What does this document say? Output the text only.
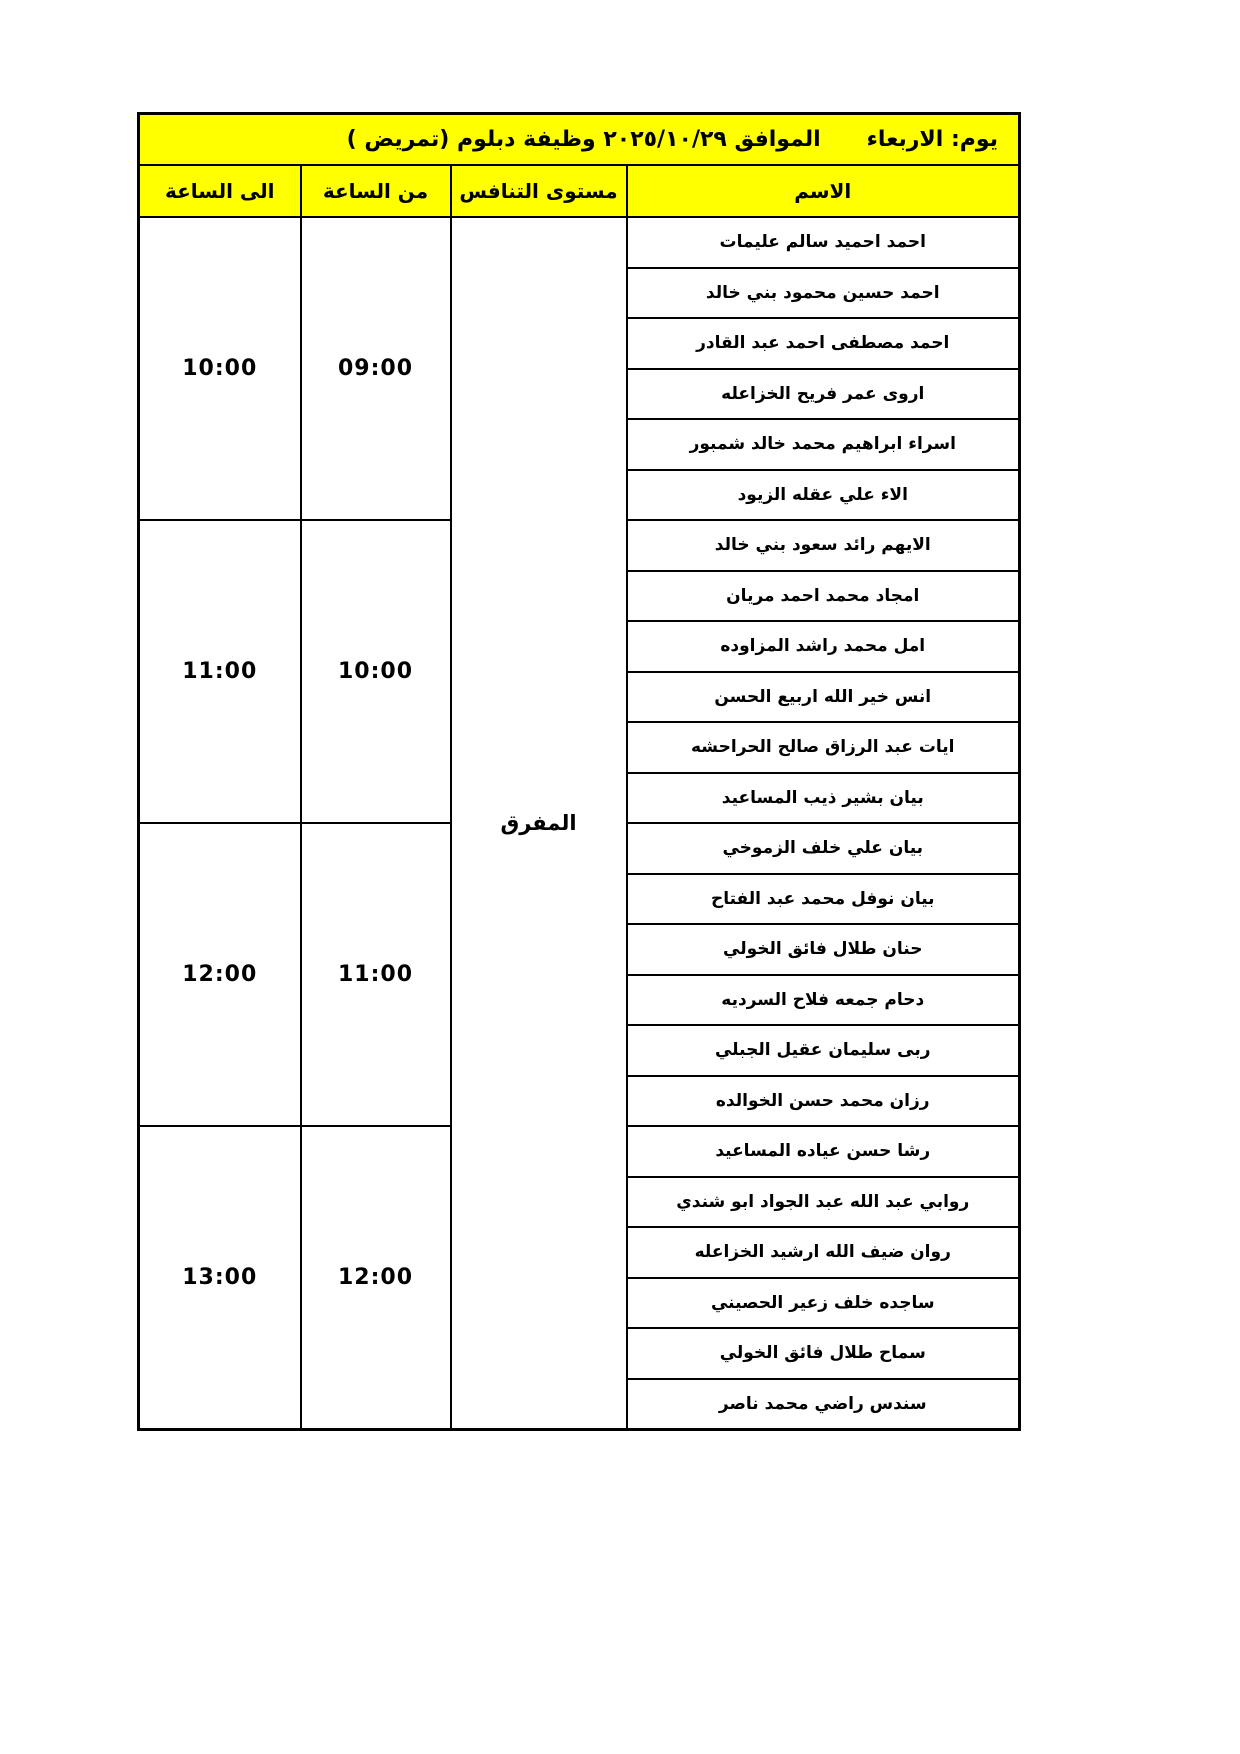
يوم: الاربعاء      الموافق ٢٠٢٥/١٠/٢٩ وظيفة دبلوم (تمريض )			
الاسم	مستوى التنافس	من الساعة	الى الساعة
احمد احميد سالم عليمات	المفرق	09:00	10:00
احمد حسين محمود بني خالد			
احمد مصطفى احمد عبد القادر			
اروى عمر فريح الخزاعله			
اسراء ابراهيم محمد خالد شمبور			
الاء علي عقله الزيود			
الايهم رائد سعود بني خالد		10:00	11:00
امجاد محمد احمد مريان			
امل محمد راشد المزاوده			
انس خير الله اربيع الحسن			
ايات عبد الرزاق صالح الحراحشه			
بيان بشير ذيب المساعيد			
بيان علي خلف الزموخي		11:00	12:00
بيان نوفل محمد عبد الفتاح			
حنان طلال فائق الخولي			
دحام جمعه فلاح السرديه			
ربى سليمان عقيل الجبلي			
رزان محمد حسن الخوالده			
رشا حسن عياده المساعيد		12:00	13:00
روابي عبد الله عبد الجواد ابو شندي			
روان ضيف الله ارشيد الخزاعله			
ساجده خلف زعير الحصيني			
سماح طلال فائق الخولي			
سندس راضي محمد ناصر			
